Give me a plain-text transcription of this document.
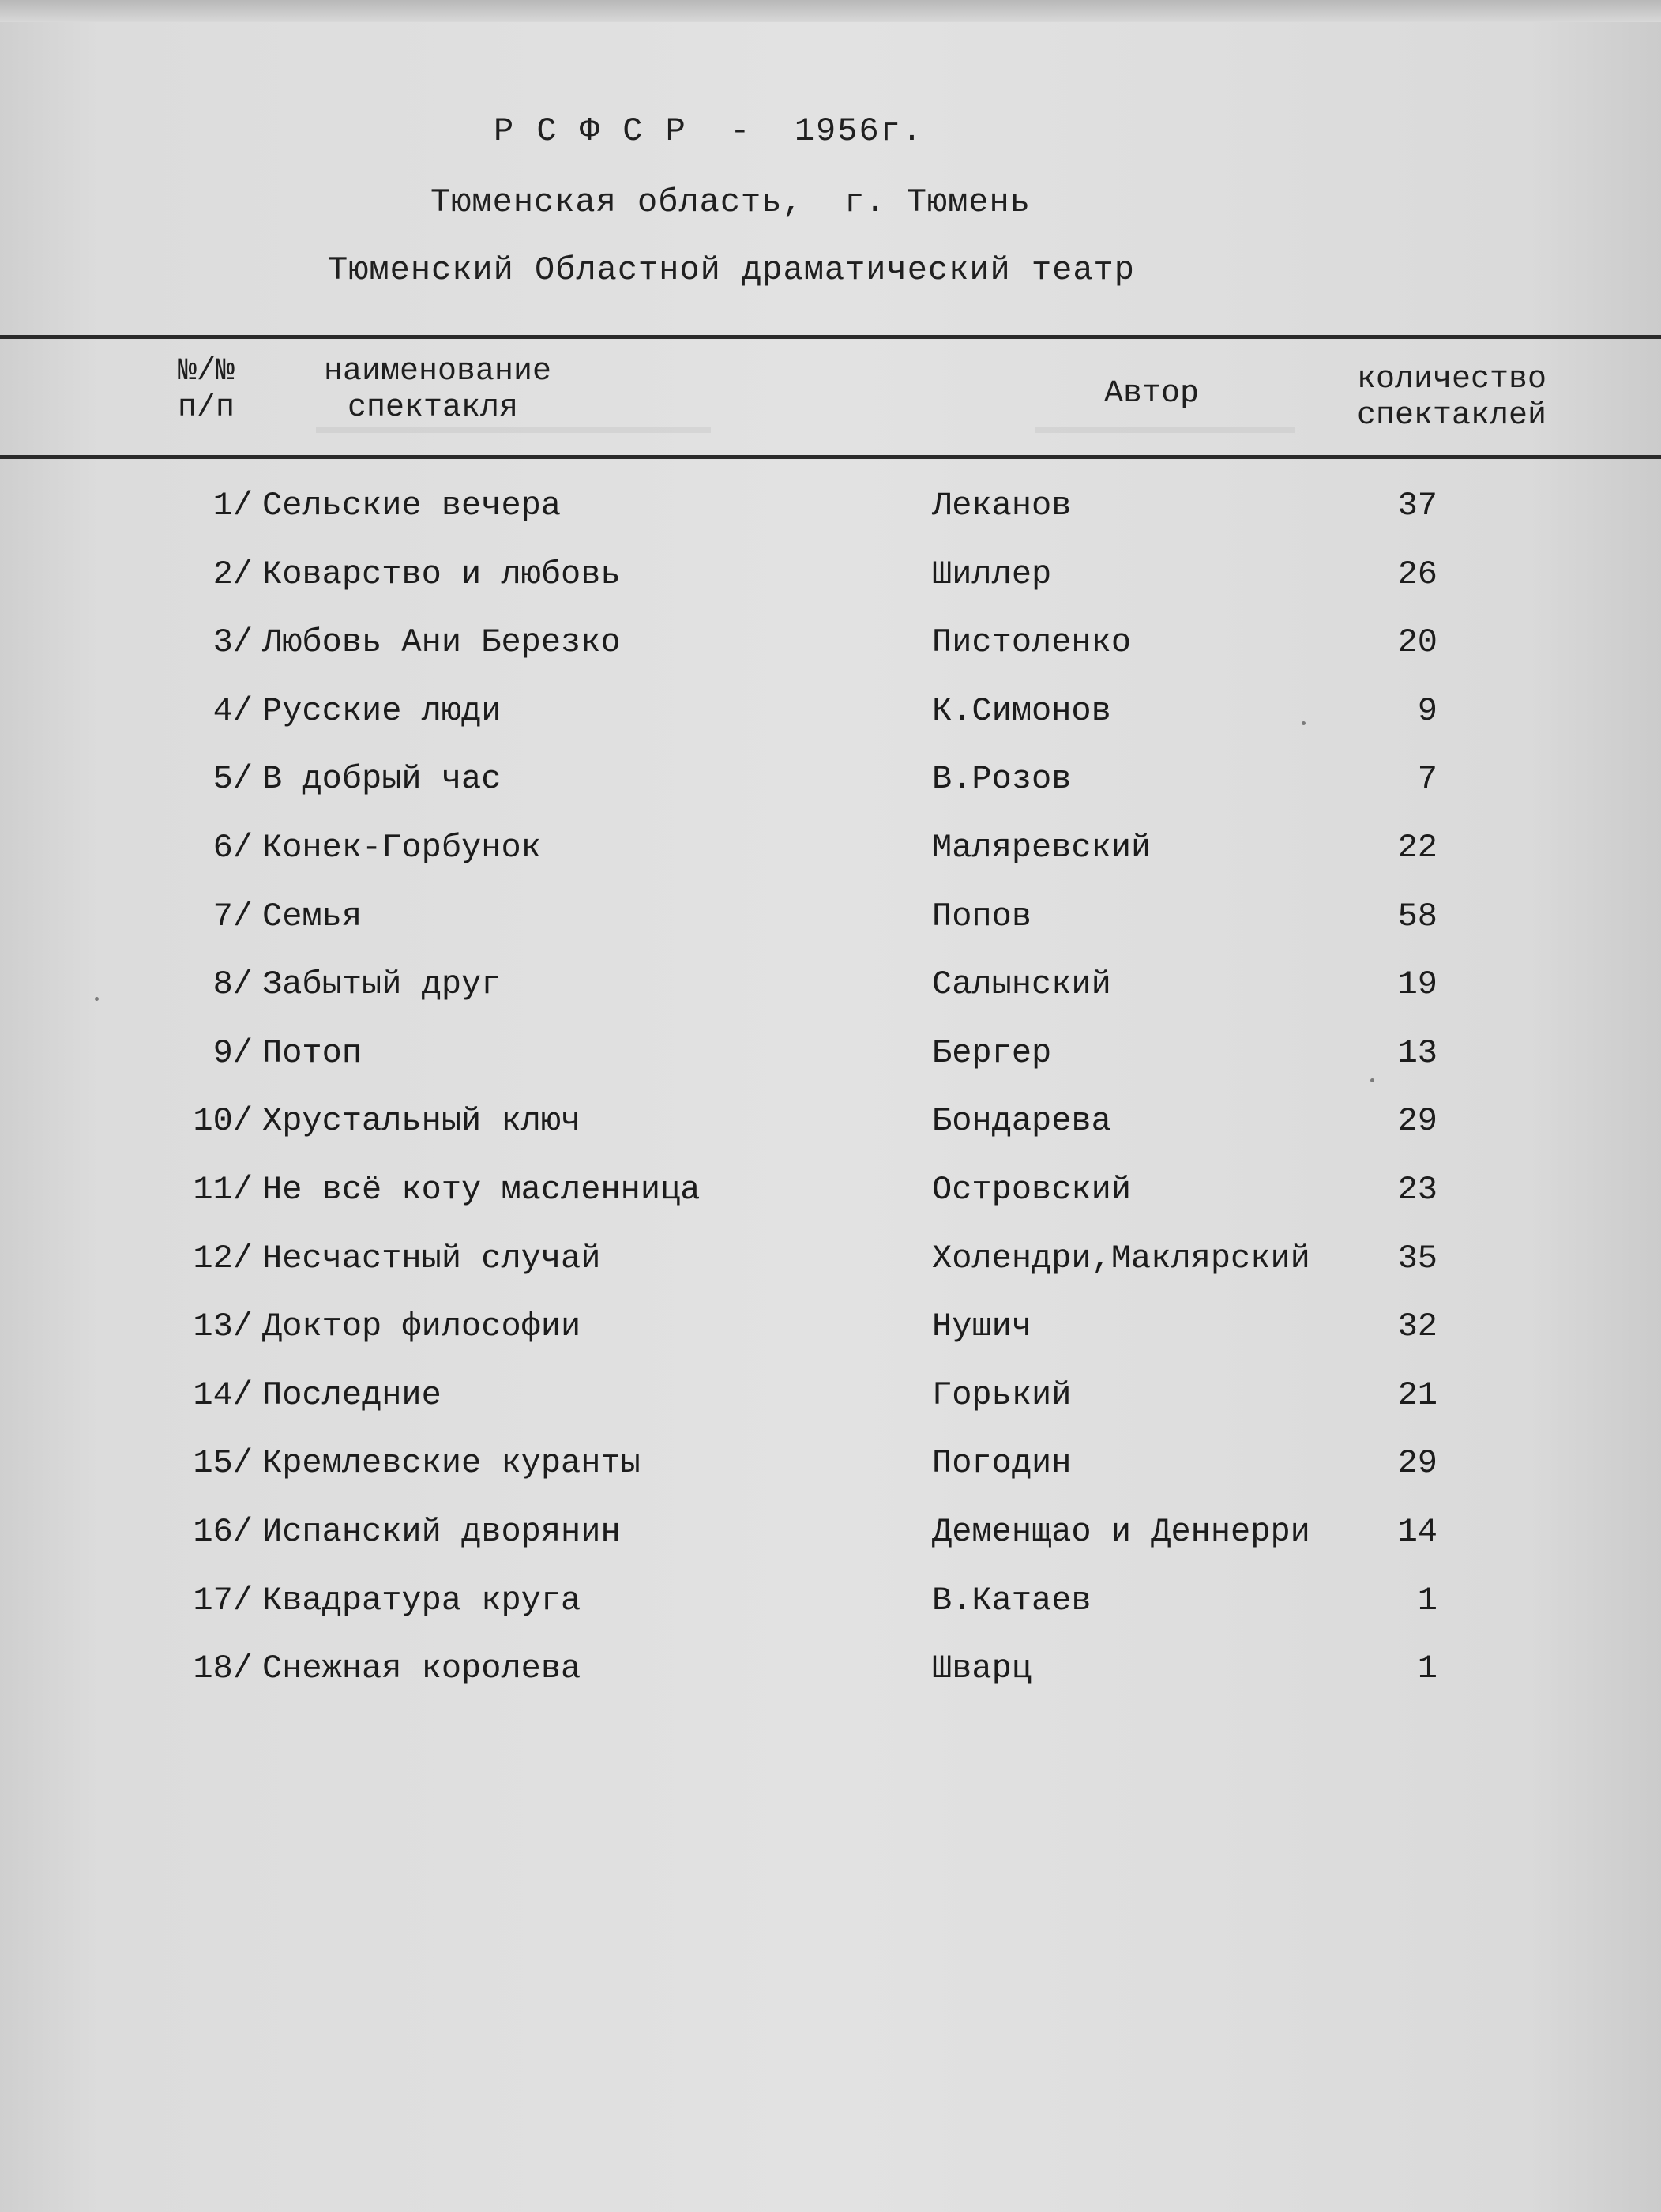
Р С Ф С Р  -  1956г.
Тюменская область,  г. Тюмень
Тюменский Областной драматический театр
№/№
п/п
наименование
спектакля	Автор	количество
спектаклей
1/ Сельские вечера	Леканов	37
2/ Коварство и любовь	Шиллер	26
3/ Любовь Ани Березко	Пистоленко	20
4/ Русские люди	К.Симонов	9
5/ В добрый час	В.Розов	7
6/ Конек-Горбунок	Маляревский	22
7/ Семья	Попов	58
8/ Забытый друг	Салынский	19
9/ Потоп	Бергер	13
10/ Хрустальный ключ	Бондарева	29
11/ Не всё коту масленница	Островский	23
12/ Несчастный случай	Холендри,Маклярский	35
13/ Доктор философии	Нушич	32
14/ Последние	Горький	21
15/ Кремлевские куранты	Погодин	29
16/ Испанский дворянин	Деменщао и Деннерри	14
17/ Квадратура круга	В.Катаев	1
18/ Снежная королева	Шварц	1
